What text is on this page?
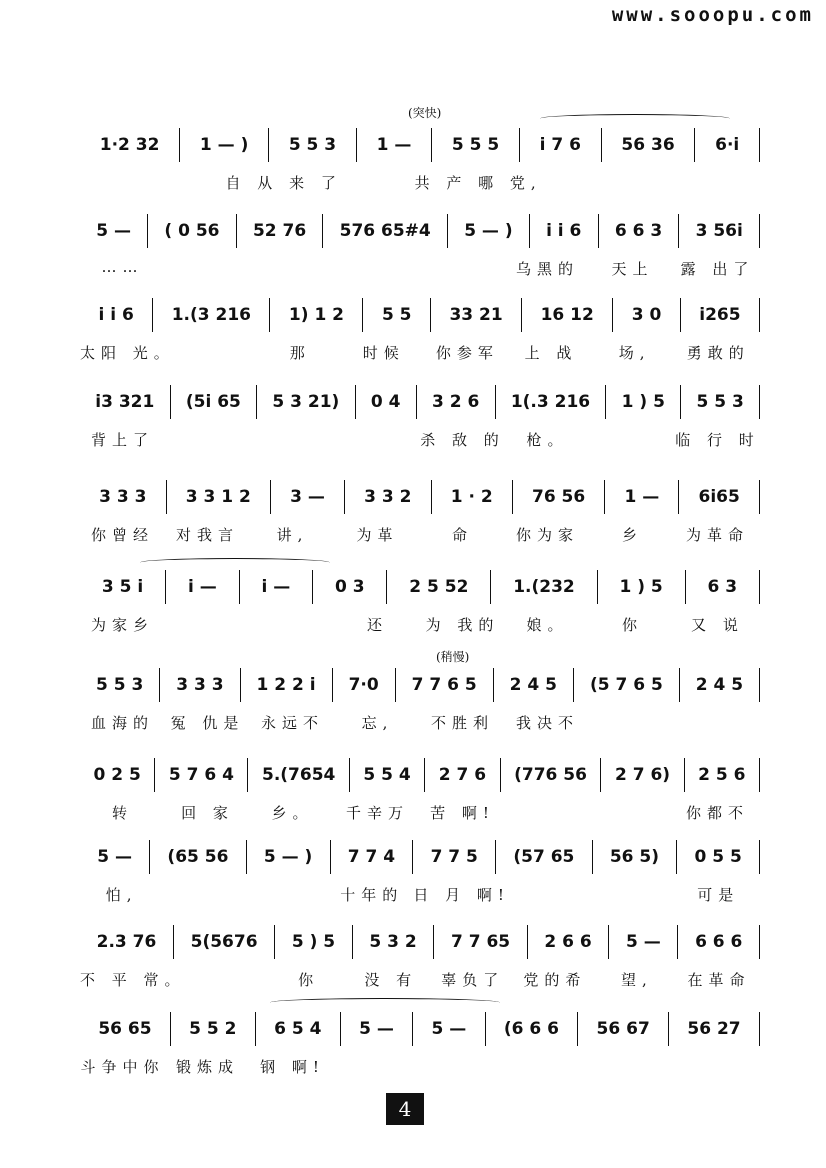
www.sooopu.com
(突快)
(稍慢)
1·2 32	1 — )	5 5 3	1 —	5 5 5	i 7 6	56 36	6·i
自 从 来 了	共 产 哪 党,
5 —	( 0 56	52 76	576 65#4	5 — )	i i 6	6 6 3	3 56i
……	乌黑的	天上	露 出了
i i 6	1.(3 216	1) 1 2	5 5	33 21	16 12	3 0	i265
太阳 光。	那	时候	你参军	上 战	场,	勇敢的
i3 321	(5i 65	5 3 21)	0 4	3 2 6	1(.3 216	1 ) 5	5 5 3
背上了	杀 敌 的	枪。	临 行 时
3 3 3	3 3 1 2	3 —	3 3 2	1 · 2	76 56	1 —	6i65
你曾经	对我言	讲,	为革	命	你为家	乡	为革命
3 5 i	i —	i —	0 3	2 5 52	1.(232	1 ) 5	6 3
为家乡	还	为 我的	娘。	你	又 说
5 5 3	3 3 3	1 2 2 i	7·0	7 7 6 5	2 4 5	(5 7 6 5	2 4 5
血海的	冤 仇是	永远不	忘,	不胜利	我决不
0 2 5	5 7 6 4	5.(7654	5 5 4	2 7 6	(776 56	2 7 6)	2 5 6
转	回 家	乡。	千辛万	苦 啊!	你都不
5 —	(65 56	5 — )	7 7 4	7 7 5	(57 65	56 5)	0 5 5
怕,	十年的 日 月 啊!	可是
2.3 76	5(5676	5 ) 5	5 3 2	7 7 65	2 6 6	5 —	6 6 6
不 平 常。	你	没 有	辜负了	党的希	望,	在革命
56 65	5 5 2	6 5 4	5 —	5 —	(6 6 6	56 67	56 27
斗争中你 锻炼成	钢 啊!
4
